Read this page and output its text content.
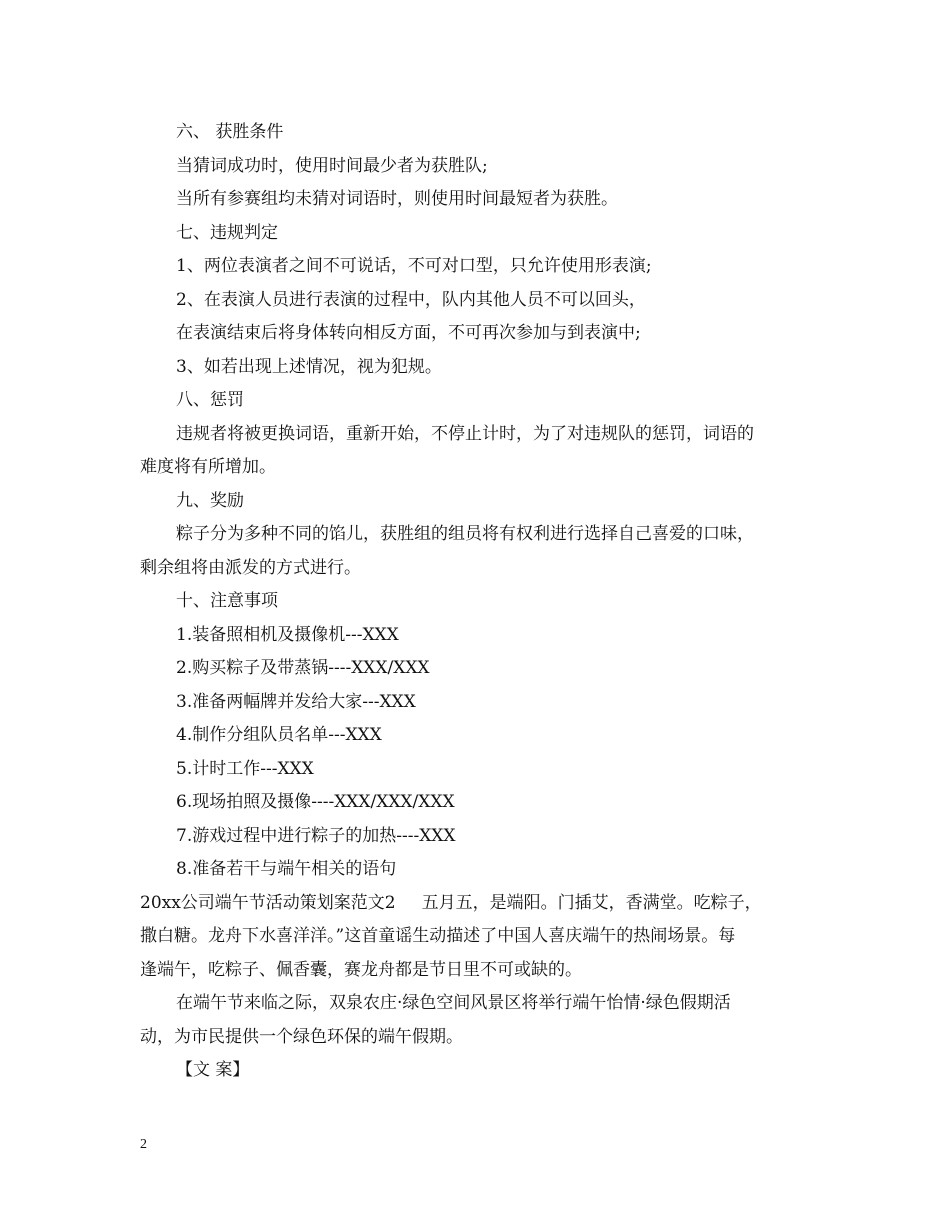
六、 获胜条件
当猜词成功时，使用时间最少者为获胜队;
当所有参赛组均未猜对词语时，则使用时间最短者为获胜。
七、违规判定
1、两位表演者之间不可说话，不可对口型，只允许使用形表演;
2、在表演人员进行表演的过程中，队内其他人员不可以回头，
在表演结束后将身体转向相反方面，不可再次参加与到表演中;
3、如若出现上述情况，视为犯规。
八、惩罚
违规者将被更换词语，重新开始，不停止计时，为了对违规队的惩罚，词语的
难度将有所增加。
九、奖励
粽子分为多种不同的馅儿，获胜组的组员将有权利进行选择自己喜爱的口味，
剩余组将由派发的方式进行。
十、注意事项
1.装备照相机及摄像机---XXX
2.购买粽子及带蒸锅----XXX/XXX
3.准备两幅牌并发给大家---XXX
4.制作分组队员名单---XXX
5.计时工作---XXX
6.现场拍照及摄像----XXX/XXX/XXX
7.游戏过程中进行粽子的加热----XXX
8.准备若干与端午相关的语句
20xx公司端午节活动策划案范文2 五月五，是端阳。门插艾，香满堂。吃粽子，
撒白糖。龙舟下水喜洋洋。”这首童谣生动描述了中国人喜庆端午的热闹场景。每
逢端午，吃粽子、佩香囊，赛龙舟都是节日里不可或缺的。
在端午节来临之际，双泉农庄·绿色空间风景区将举行端午怡情·绿色假期活
动，为市民提供一个绿色环保的端午假期。
【文 案】
2
